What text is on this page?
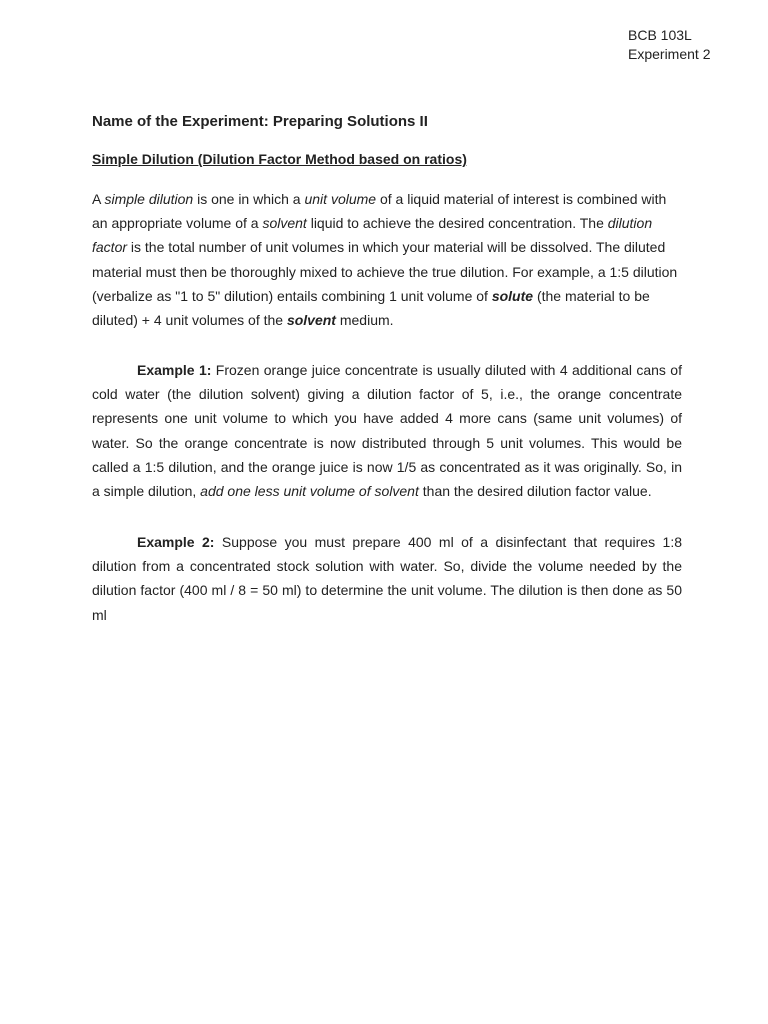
BCB 103L
Experiment 2
Name of the Experiment: Preparing Solutions II
Simple Dilution (Dilution Factor Method based on ratios)
A simple dilution is one in which a unit volume of a liquid material of interest is combined with an appropriate volume of a solvent liquid to achieve the desired concentration. The dilution factor is the total number of unit volumes in which your material will be dissolved. The diluted material must then be thoroughly mixed to achieve the true dilution. For example, a 1:5 dilution (verbalize as "1 to 5" dilution) entails combining 1 unit volume of solute (the material to be diluted) + 4 unit volumes of the solvent medium.
Example 1: Frozen orange juice concentrate is usually diluted with 4 additional cans of cold water (the dilution solvent) giving a dilution factor of 5, i.e., the orange concentrate represents one unit volume to which you have added 4 more cans (same unit volumes) of water. So the orange concentrate is now distributed through 5 unit volumes. This would be called a 1:5 dilution, and the orange juice is now 1/5 as concentrated as it was originally. So, in a simple dilution, add one less unit volume of solvent than the desired dilution factor value.
Example 2: Suppose you must prepare 400 ml of a disinfectant that requires 1:8 dilution from a concentrated stock solution with water. So, divide the volume needed by the dilution factor (400 ml / 8 = 50 ml) to determine the unit volume. The dilution is then done as 50 ml
